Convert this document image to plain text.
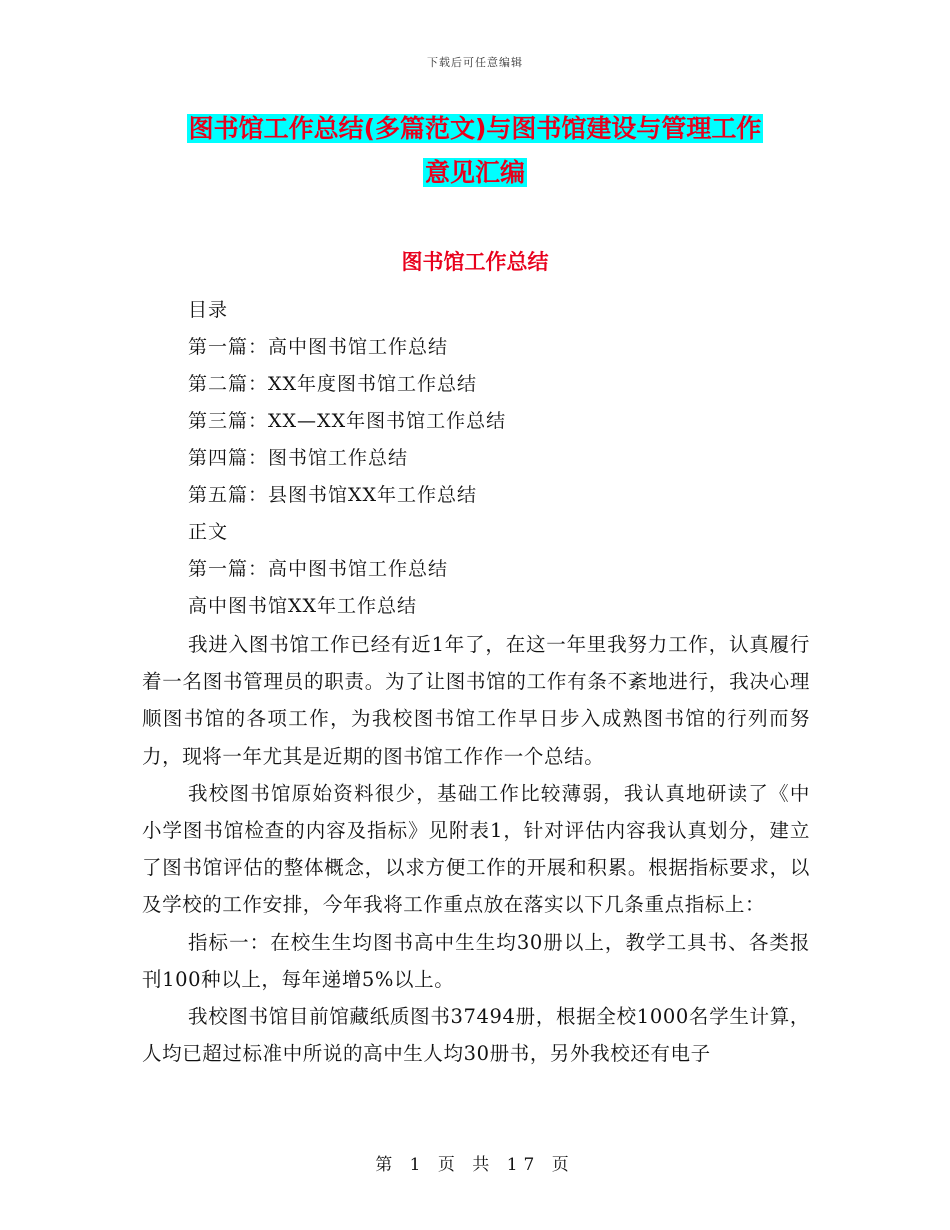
下载后可任意编辑
图书馆工作总结(多篇范文)与图书馆建设与管理工作
意见汇编
图书馆工作总结
目录
第一篇：高中图书馆工作总结
第二篇：XX年度图书馆工作总结
第三篇：XX—XX年图书馆工作总结
第四篇：图书馆工作总结
第五篇：县图书馆XX年工作总结
正文
第一篇：高中图书馆工作总结
高中图书馆XX年工作总结

我进入图书馆工作已经有近1年了，在这一年里我努力工作，认真履行着一名图书管理员的职责。为了让图书馆的工作有条不紊地进行，我决心理顺图书馆的各项工作，为我校图书馆工作早日步入成熟图书馆的行列而努力，现将一年尤其是近期的图书馆工作作一个总结。

我校图书馆原始资料很少，基础工作比较薄弱，我认真地研读了《中小学图书馆检查的内容及指标》见附表1，针对评估内容我认真划分，建立了图书馆评估的整体概念，以求方便工作的开展和积累。根据指标要求，以及学校的工作安排，今年我将工作重点放在落实以下几条重点指标上：

指标一：在校生生均图书高中生生均30册以上，教学工具书、各类报刊100种以上，每年递增5%以上。

我校图书馆目前馆藏纸质图书37494册，根据全校1000名学生计算，人均已超过标准中所说的高中生人均30册书，另外我校还有电子

第 1 页 共 17 页
